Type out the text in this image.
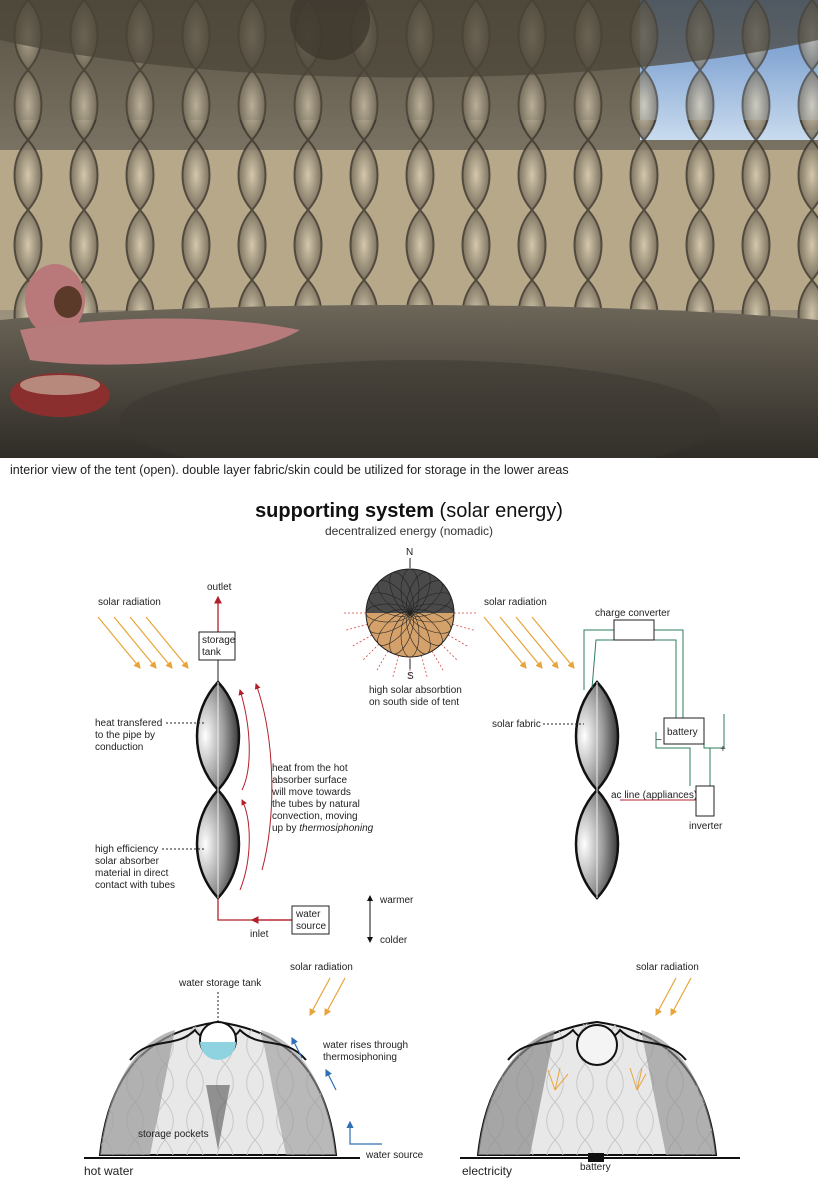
interior view of the tent (open). double layer fabric/skin could be utilized for storage in the lower areas
supporting system (solar energy)
decentralized energy (nomadic)
solar radiation
outlet
storage
tank
heat transfered
to the pipe by
conduction
high efficiency
solar absorber
material in direct
contact with tubes
heat from the hot
absorber surface
will move towards
the tubes by natural
convection, moving
up by thermosiphoning
inlet
water
source
warmer
colder
N
S
high solar absorbtion
on south side of tent
solar radiation
solar fabric
charge converter
battery
−
+
inverter
ac line (appliances)
solar radiation
water storage tank
water rises through
thermosiphoning
storage pockets
water source
solar radiation
battery
hot water	electricity
